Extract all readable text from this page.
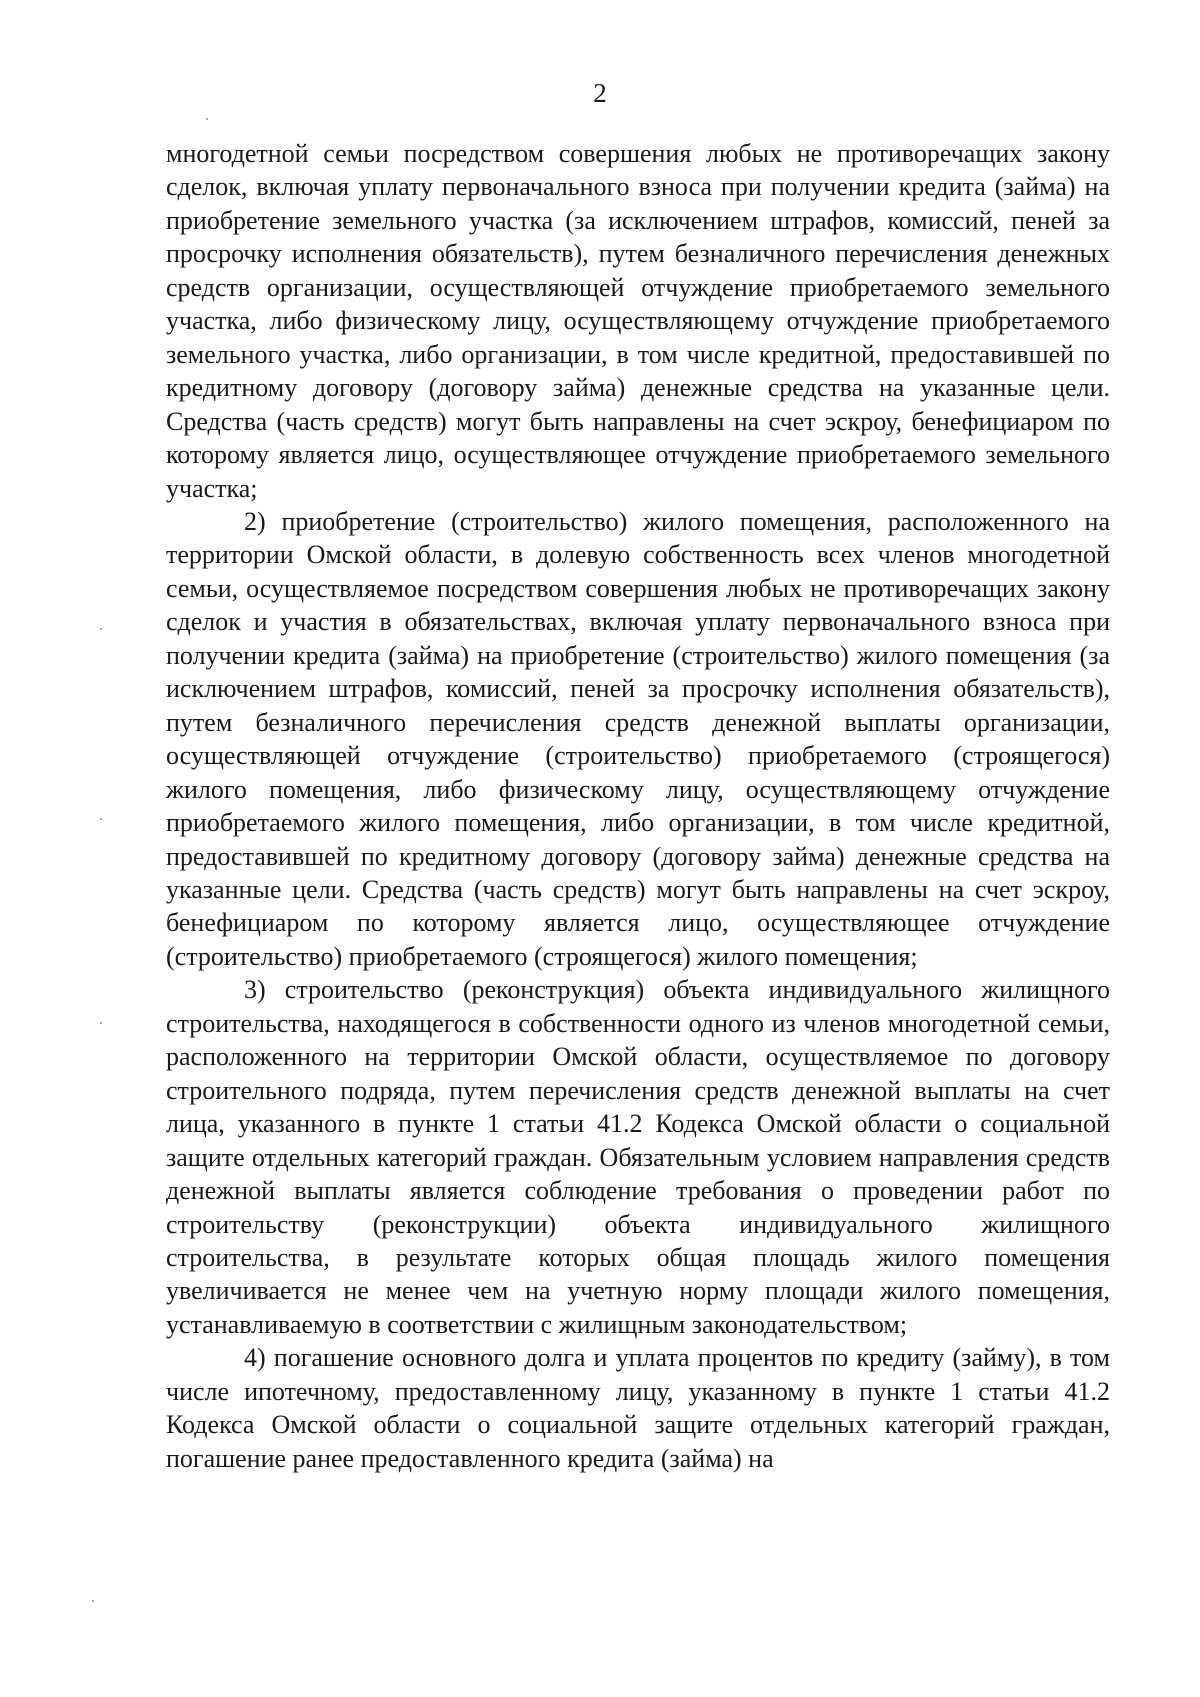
2

многодетной семьи посредством совершения любых не противоречащих закону сделок, включая уплату первоначального взноса при получении кредита (займа) на приобретение земельного участка (за исключением штрафов, комиссий, пеней за просрочку исполнения обязательств), путем безналичного перечисления денежных средств организации, осуществляющей отчуждение приобретаемого земельного участка, либо физическому лицу, осуществляющему отчуждение приобретаемого земельного участка, либо организации, в том числе кредитной, предоставившей по кредитному договору (договору займа) денежные средства на указанные цели. Средства (часть средств) могут быть направлены на счет эскроу, бенефициаром по которому является лицо, осуществляющее отчуждение приобретаемого земельного участка;

2) приобретение (строительство) жилого помещения, расположенного на территории Омской области, в долевую собственность всех членов многодетной семьи, осуществляемое посредством совершения любых не противоречащих закону сделок и участия в обязательствах, включая уплату первоначального взноса при получении кредита (займа) на приобретение (строительство) жилого помещения (за исключением штрафов, комиссий, пеней за просрочку исполнения обязательств), путем безналичного перечисления средств денежной выплаты организации, осуществляющей отчуждение (строительство) приобретаемого (строящегося) жилого помещения, либо физическому лицу, осуществляющему отчуждение приобретаемого жилого помещения, либо организации, в том числе кредитной, предоставившей по кредитному договору (договору займа) денежные средства на указанные цели. Средства (часть средств) могут быть направлены на счет эскроу, бенефициаром по которому является лицо, осуществляющее отчуждение (строительство) приобретаемого (строящегося) жилого помещения;

3) строительство (реконструкция) объекта индивидуального жилищного строительства, находящегося в собственности одного из членов многодетной семьи, расположенного на территории Омской области, осуществляемое по договору строительного подряда, путем перечисления средств денежной выплаты на счет лица, указанного в пункте 1 статьи 41.2 Кодекса Омской области о социальной защите отдельных категорий граждан. Обязательным условием направления средств денежной выплаты является соблюдение требования о проведении работ по строительству (реконструкции) объекта индивидуального жилищного строительства, в результате которых общая площадь жилого помещения увеличивается не менее чем на учетную норму площади жилого помещения, устанавливаемую в соответствии с жилищным законодательством;

4) погашение основного долга и уплата процентов по кредиту (займу), в том числе ипотечному, предоставленному лицу, указанному в пункте 1 статьи 41.2 Кодекса Омской области о социальной защите отдельных категорий граждан, погашение ранее предоставленного кредита (займа) на
